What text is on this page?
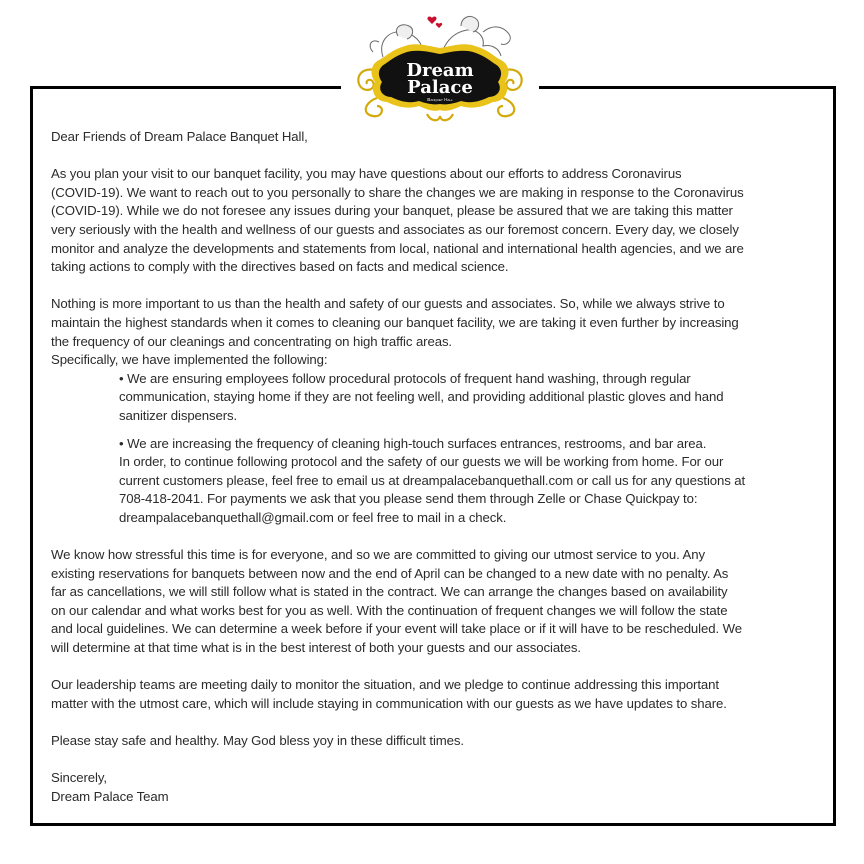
Dream
Palace
Banquet Hall

Dear Friends of Dream Palace Banquet Hall,

As you plan your visit to our banquet facility, you may have questions about our efforts to address Coronavirus

(COVID-19). We want to reach out to you personally to share the changes we are making in response to the Coronavirus

(COVID-19). While we do not foresee any issues during your banquet, please be assured that we are taking this matter

very seriously with the health and wellness of our guests and associates as our foremost concern. Every day, we closely

monitor and analyze the developments and statements from local, national and international health agencies, and we are

taking actions to comply with the directives based on facts and medical science.

Nothing is more important to us than the health and safety of our guests and associates. So, while we always strive to

maintain the highest standards when it comes to cleaning our banquet facility, we are taking it even further by increasing

the frequency of our cleanings and concentrating on high traffic areas.

Specifically, we have implemented the following:

• We are ensuring employees follow procedural protocols of frequent hand washing, through regular

communication, staying home if they are not feeling well, and providing additional plastic gloves and hand

sanitizer dispensers.

• We are increasing the frequency of cleaning high-touch surfaces entrances, restrooms, and bar area.

In order, to continue following protocol and the safety of our guests we will be working from home. For our

current customers please, feel free to email us at dreampalacebanquethall.com or call us for any questions at

708-418-2041. For payments we ask that you please send them through Zelle or Chase Quickpay to:

dreampalacebanquethall@gmail.com or feel free to mail in a check.

We know how stressful this time is for everyone, and so we are committed to giving our utmost service to you. Any

existing reservations for banquets between now and the end of April can be changed to a new date with no penalty. As

far as cancellations, we will still follow what is stated in the contract. We can arrange the changes based on availability

on our calendar and what works best for you as well. With the continuation of frequent changes we will follow the state

and local guidelines. We can determine a week before if your event will take place or if it will have to be rescheduled. We

will determine at that time what is in the best interest of both your guests and our associates.

Our leadership teams are meeting daily to monitor the situation, and we pledge to continue addressing this important

matter with the utmost care, which will include staying in communication with our guests as we have updates to share.

Please stay safe and healthy. May God bless yoy in these difficult times.

Sincerely,

Dream Palace Team
